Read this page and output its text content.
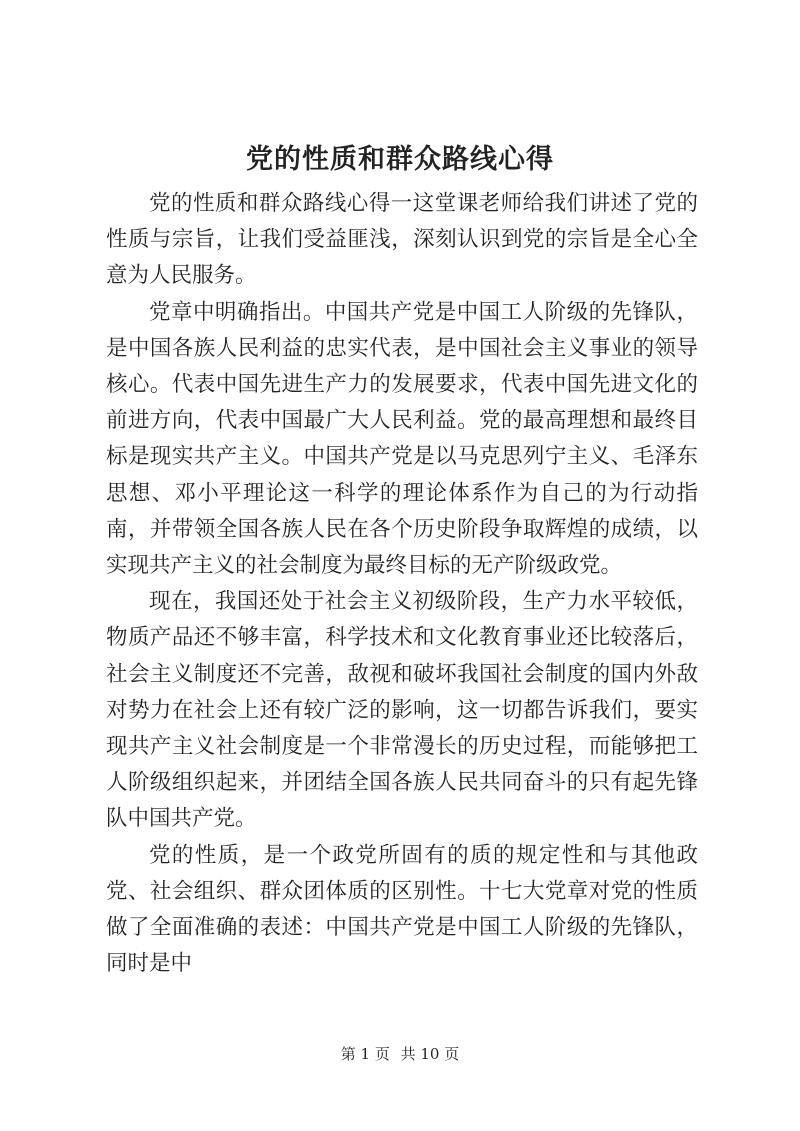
党的性质和群众路线心得

党的性质和群众路线心得一这堂课老师给我们讲述了党的性质与宗旨，让我们受益匪浅，深刻认识到党的宗旨是全心全意为人民服务。

党章中明确指出。中国共产党是中国工人阶级的先锋队，是中国各族人民利益的忠实代表，是中国社会主义事业的领导核心。代表中国先进生产力的发展要求，代表中国先进文化的前进方向，代表中国最广大人民利益。党的最高理想和最终目标是现实共产主义。中国共产党是以马克思列宁主义、毛泽东思想、邓小平理论这一科学的理论体系作为自己的为行动指南，并带领全国各族人民在各个历史阶段争取辉煌的成绩，以实现共产主义的社会制度为最终目标的无产阶级政党。

现在，我国还处于社会主义初级阶段，生产力水平较低，物质产品还不够丰富，科学技术和文化教育事业还比较落后，社会主义制度还不完善，敌视和破坏我国社会制度的国内外敌对势力在社会上还有较广泛的影响，这一切都告诉我们，要实现共产主义社会制度是一个非常漫长的历史过程，而能够把工人阶级组织起来，并团结全国各族人民共同奋斗的只有起先锋队中国共产党。

党的性质，是一个政党所固有的质的规定性和与其他政党、社会组织、群众团体质的区别性。十七大党章对党的性质做了全面准确的表述：中国共产党是中国工人阶级的先锋队，同时是中

第 1 页 共 10 页
